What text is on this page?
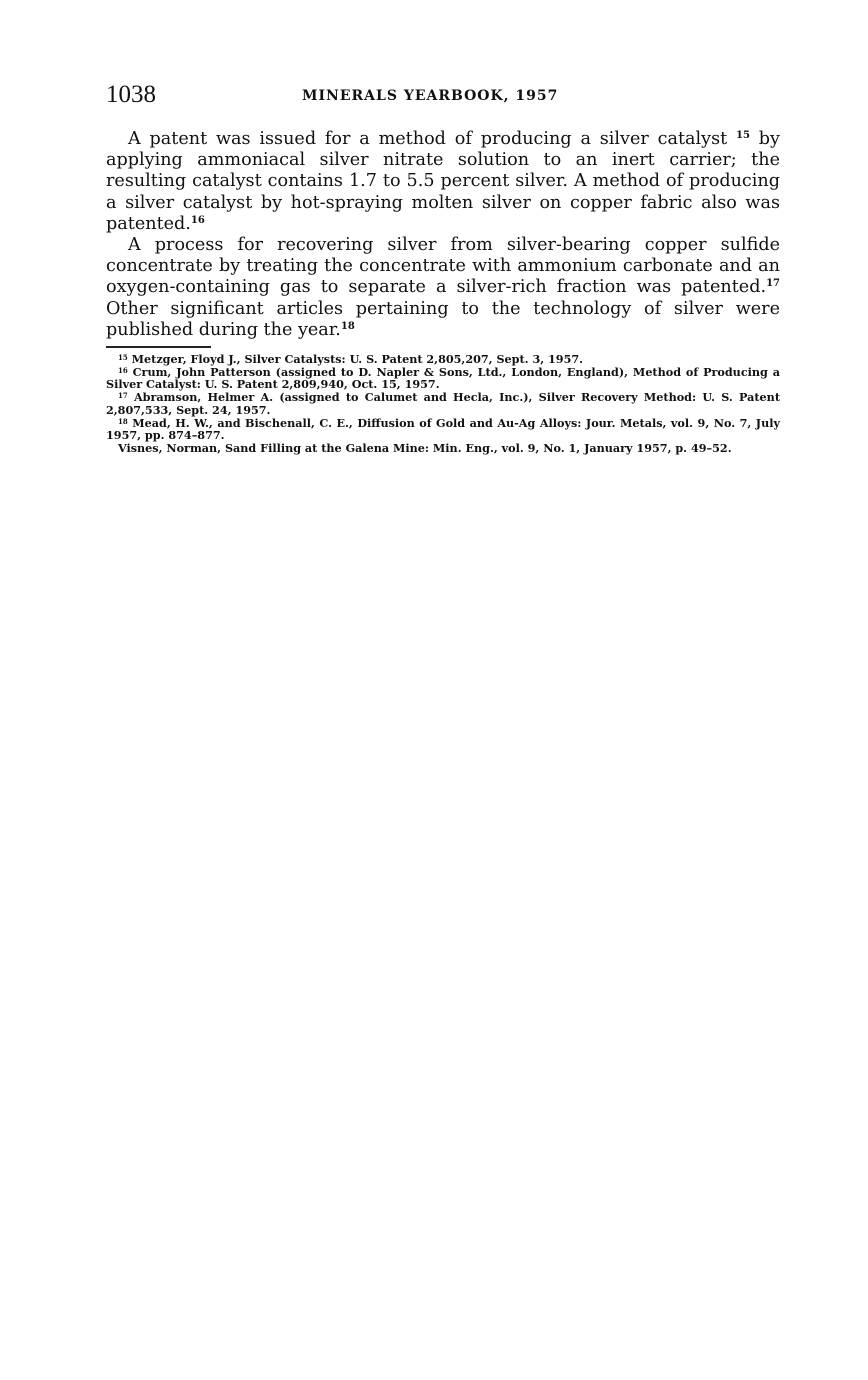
1038	MINERALS YEARBOOK, 1957

A patent was issued for a method of producing a silver catalyst $^{15}$ by applying ammoniacal silver nitrate solution to an inert carrier; the resulting catalyst contains 1.7 to 5.5 percent silver. A method of producing a silver catalyst by hot-spraying molten silver on copper fabric also was patented.$^{16}$

A process for recovering silver from silver-bearing copper sulfide concentrate by treating the concentrate with ammonium carbonate and an oxygen-containing gas to separate a silver-rich fraction was patented.$^{17}$ Other significant articles pertaining to the technology of silver were published during the year.$^{18}$

$^{15}$ Metzger, Floyd J., Silver Catalysts: U. S. Patent 2,805,207, Sept. 3, 1957.

$^{16}$ Crum, John Patterson (assigned to D. Napler & Sons, Ltd., London, England), Method of Producing a Silver Catalyst: U. S. Patent 2,809,940, Oct. 15, 1957.

$^{17}$ Abramson, Helmer A. (assigned to Calumet and Hecla, Inc.), Silver Recovery Method: U. S. Patent 2,807,533, Sept. 24, 1957.

$^{18}$ Mead, H. W., and Bischenall, C. E., Diffusion of Gold and Au-Ag Alloys: Jour. Metals, vol. 9, No. 7, July 1957, pp. 874–877.

Visnes, Norman, Sand Filling at the Galena Mine: Min. Eng., vol. 9, No. 1, January 1957, p. 49–52.
